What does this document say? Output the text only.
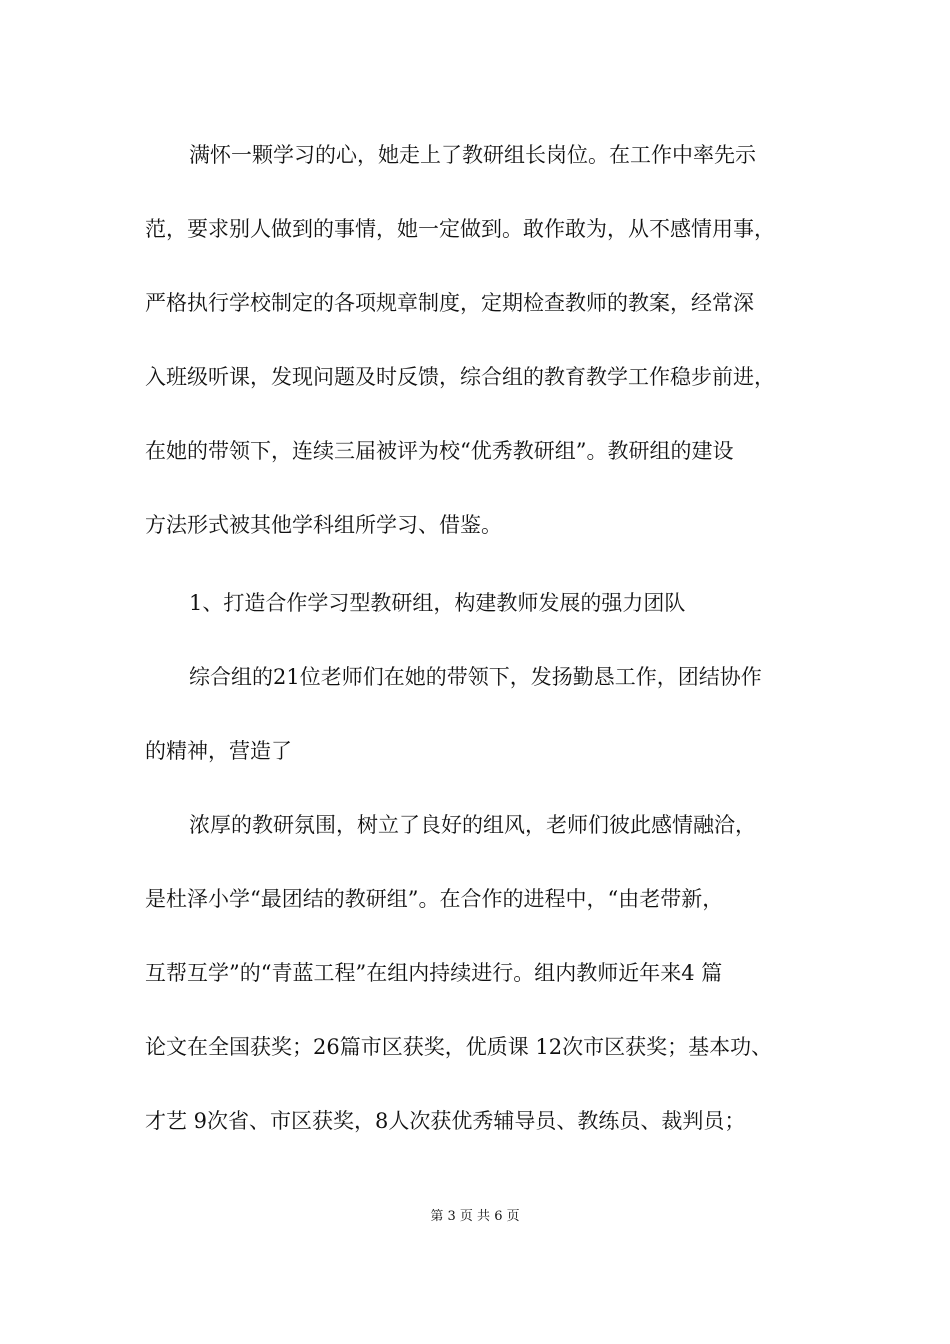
满怀一颗学习的心，她走上了教研组长岗位。在工作中率先示
范，要求别人做到的事情，她一定做到。敢作敢为，从不感情用事，
严格执行学校制定的各项规章制度，定期检查教师的教案，经常深
入班级听课，发现问题及时反馈，综合组的教育教学工作稳步前进，
在她的带领下，连续三届被评为校“优秀教研组”。教研组的建设
方法形式被其他学科组所学习、借鉴。
1、打造合作学习型教研组，构建教师发展的强力团队
综合组的21位老师们在她的带领下，发扬勤恳工作，团结协作
的精神，营造了
浓厚的教研氛围，树立了良好的组风，老师们彼此感情融洽，
是杜泽小学“最团结的教研组”。在合作的进程中，“由老带新，
互帮互学”的“青蓝工程”在组内持续进行。组内教师近年来4 篇
论文在全国获奖；26篇市区获奖，优质课 12次市区获奖；基本功、
才艺 9次省、市区获奖，8人次获优秀辅导员、教练员、裁判员；
第 3 页 共 6 页
